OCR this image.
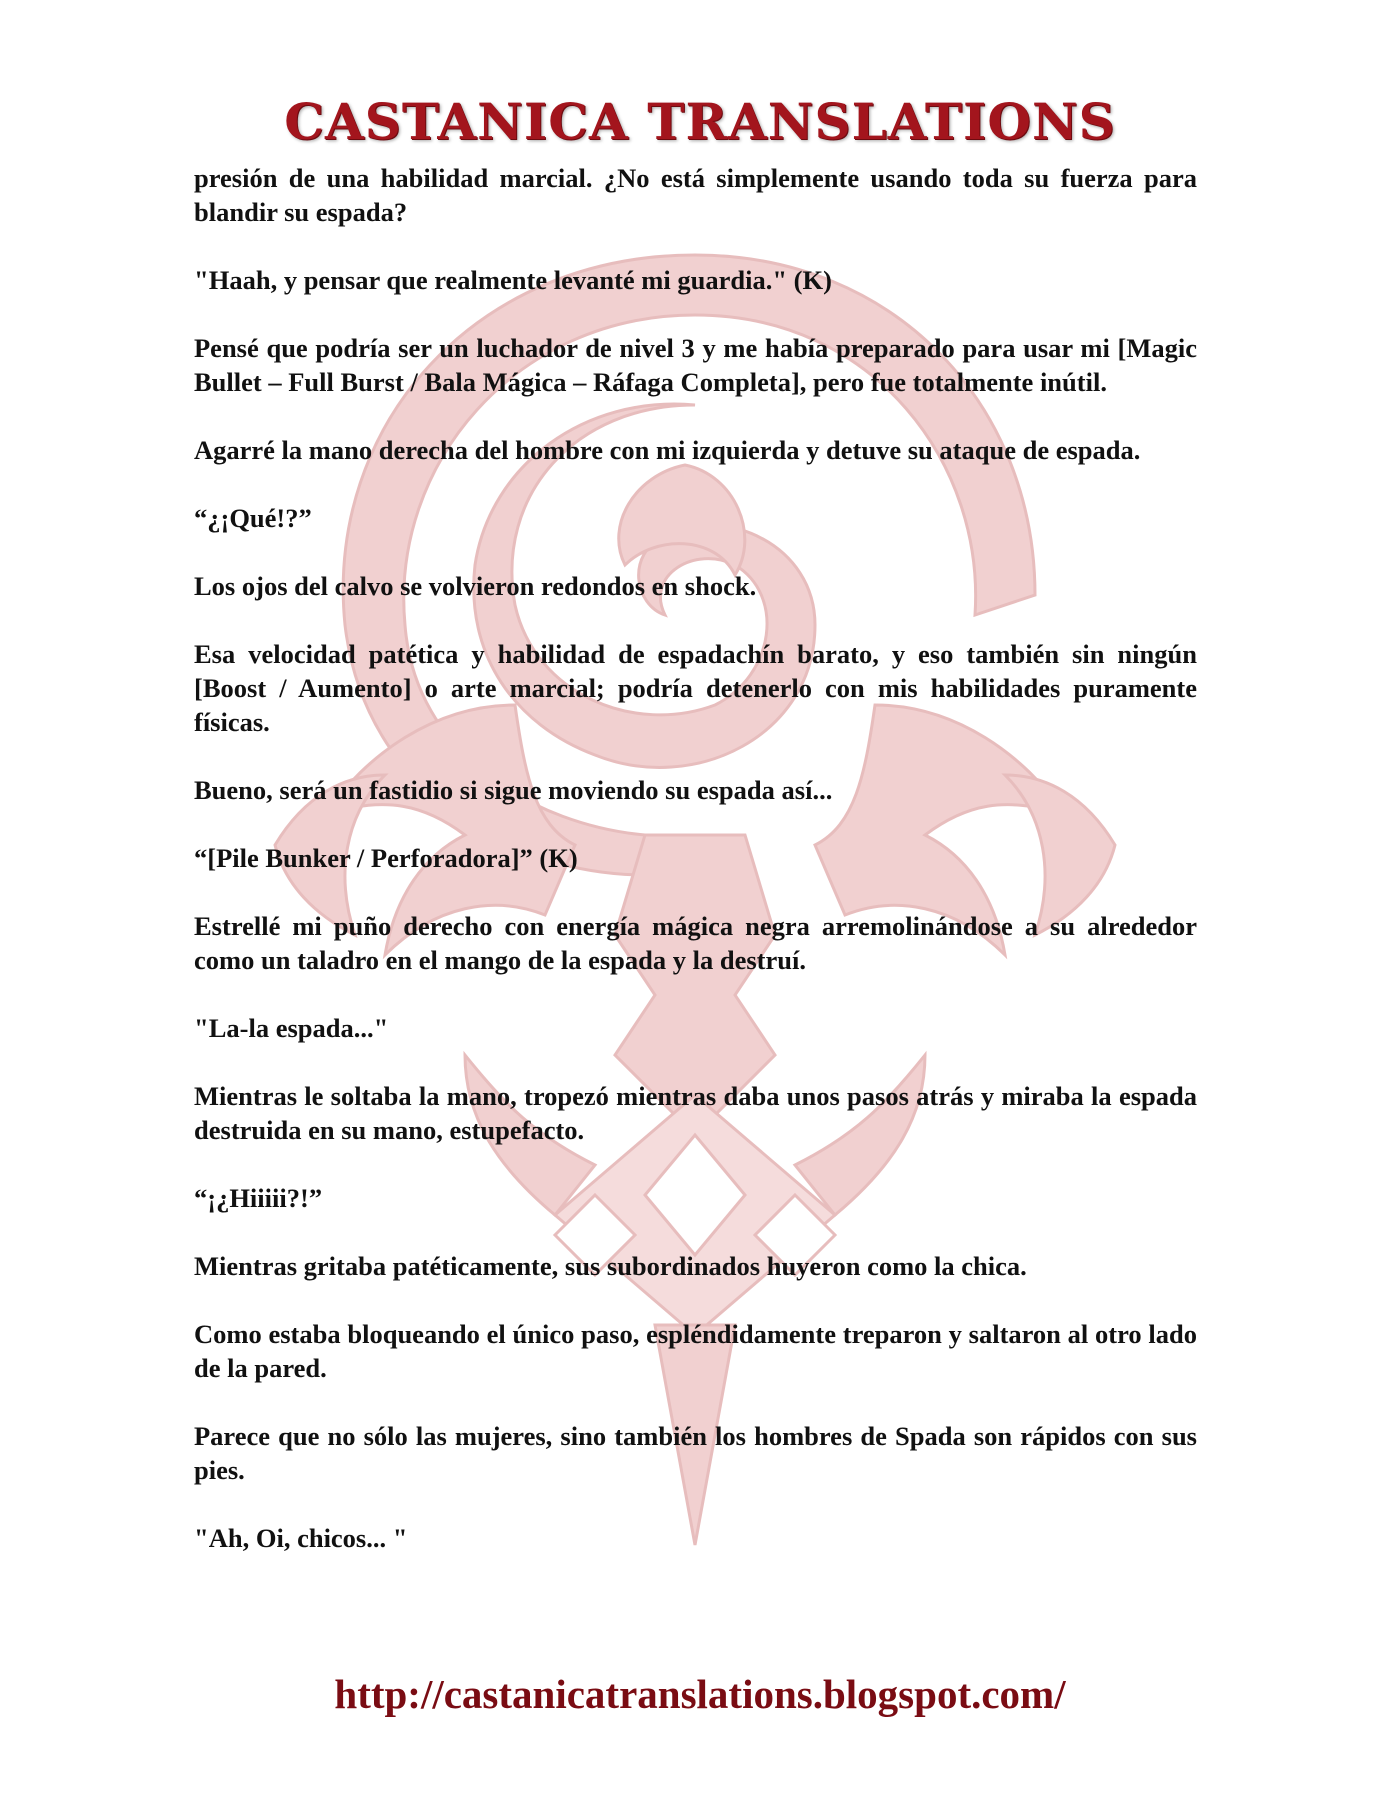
CASTANICA TRANSLATIONS

presión de una habilidad marcial. ¿No está simplemente usando toda su fuerza para blandir su espada?

"Haah, y pensar que realmente levanté mi guardia." (K)

Pensé que podría ser un luchador de nivel 3 y me había preparado para usar mi [Magic Bullet – Full Burst / Bala Mágica – Ráfaga Completa], pero fue totalmente inútil.

Agarré la mano derecha del hombre con mi izquierda y detuve su ataque de espada.

“¿¡Qué!?”

Los ojos del calvo se volvieron redondos en shock.

Esa velocidad patética y habilidad de espadachín barato, y eso también sin ningún [Boost / Aumento] o arte marcial; podría detenerlo con mis habilidades puramente físicas.

Bueno, será un fastidio si sigue moviendo su espada así...

“[Pile Bunker / Perforadora]” (K)

Estrellé mi puño derecho con energía mágica negra arremolinándose a su alrededor como un taladro en el mango de la espada y la destruí.

"La-la espada..."

Mientras le soltaba la mano, tropezó mientras daba unos pasos atrás y miraba la espada destruida en su mano, estupefacto.

“¡¿Hiiiii?!”

Mientras gritaba patéticamente, sus subordinados huyeron como la chica.

Como estaba bloqueando el único paso, espléndidamente treparon y saltaron al otro lado de la pared.

Parece que no sólo las mujeres, sino también los hombres de Spada son rápidos con sus pies.

"Ah, Oi, chicos... "

http://castanicatranslations.blogspot.com/
